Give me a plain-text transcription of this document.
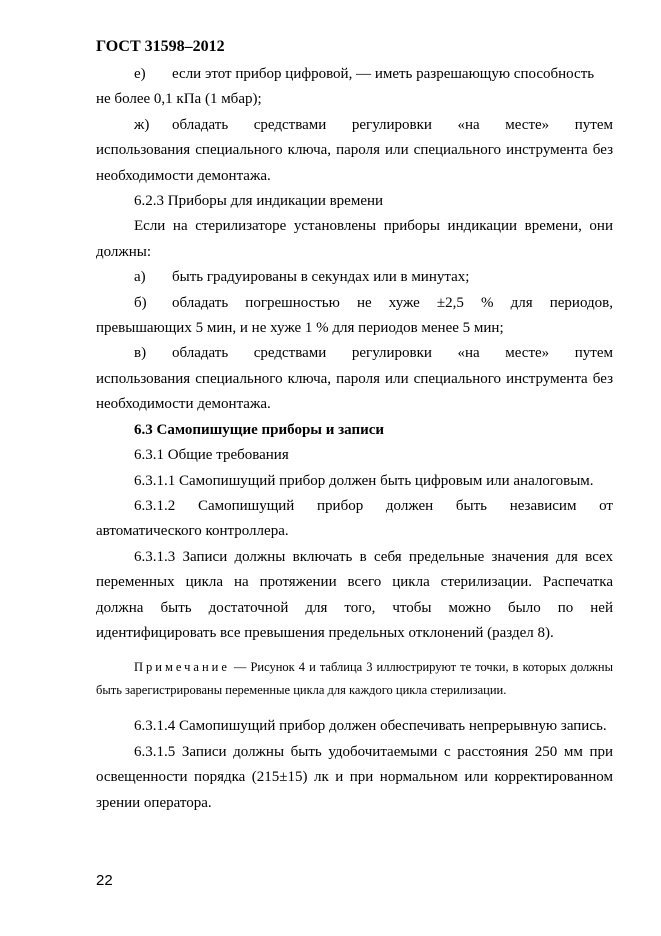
ГОСТ 31598–2012
е)	если этот прибор цифровой, — иметь разрешающую способность

не более 0,1 кПа (1 мбар);

ж)	обладать средствами регулировки «на месте» путем

использования специального ключа, пароля или специального инструмента без необходимости демонтажа.

6.2.3 Приборы для индикации времени

Если на стерилизаторе установлены приборы индикации времени, они должны:

а)	быть градуированы в секундах или в минутах;
б)	обладать погрешностью не хуже ±2,5 % для периодов,

превышающих 5 мин, и не хуже 1 % для периодов менее 5 мин;

в)	обладать средствами регулировки «на месте» путем

использования специального ключа, пароля или специального инструмента без необходимости демонтажа.

6.3 Самопишущие приборы и записи

6.3.1 Общие требования

6.3.1.1 Самопишущий прибор должен быть цифровым или аналоговым.

6.3.1.2 Самопишущий прибор должен быть независим от

автоматического контроллера.

6.3.1.3 Записи должны включать в себя предельные значения для всех переменных цикла на протяжении всего цикла стерилизации. Распечатка должна быть достаточной для того, чтобы можно было по ней идентифицировать все превышения предельных отклонений (раздел 8).

Примечание — Рисунок 4 и таблица 3 иллюстрируют те точки, в которых должны быть зарегистрированы переменные цикла для каждого цикла стерилизации.

6.3.1.4 Самопишущий прибор должен обеспечивать непрерывную запись.

6.3.1.5 Записи должны быть удобочитаемыми с расстояния 250 мм при освещенности порядка (215±15) лк и при нормальном или корректированном зрении оператора.

22
